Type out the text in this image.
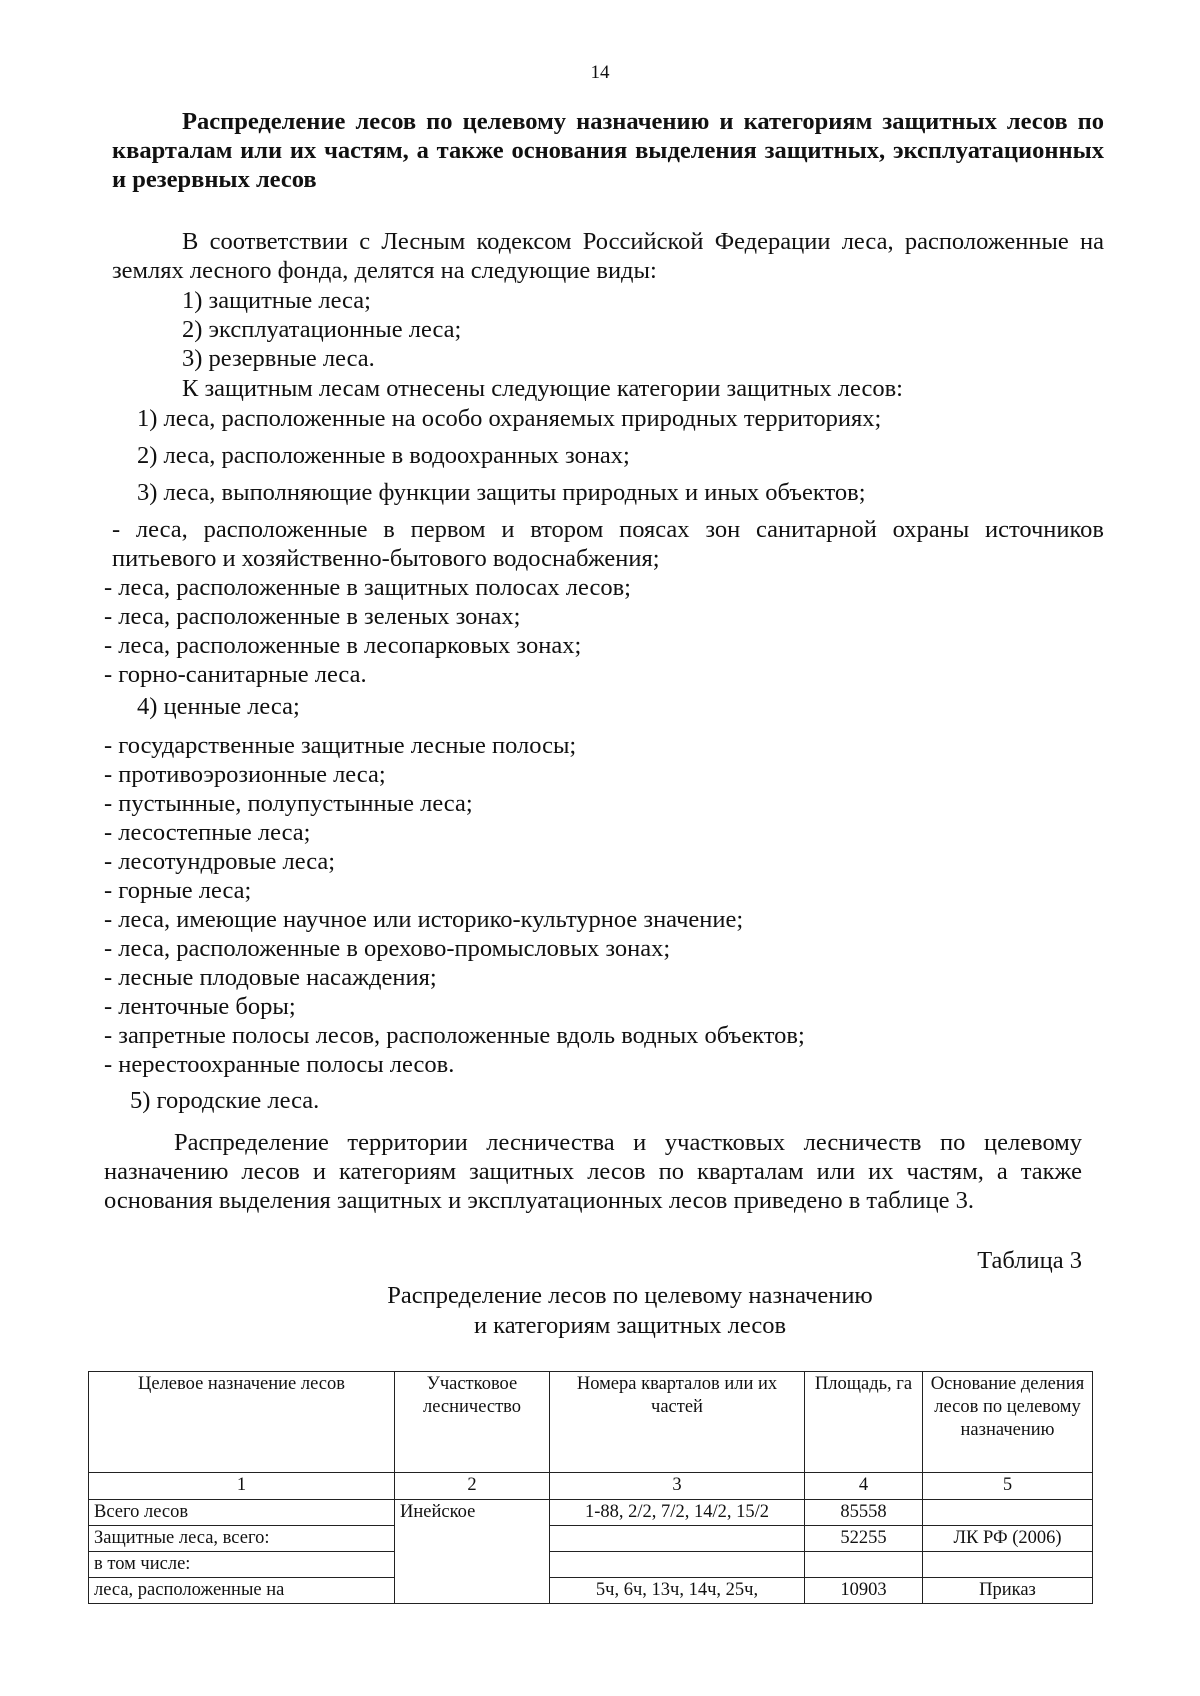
14
Распределение лесов по целевому назначению и категориям защитных лесов по кварталам или их частям, а также основания выделения защитных, эксплуатационных и резервных лесов
В соответствии с Лесным кодексом Российской Федерации леса, расположенные на землях лесного фонда, делятся на следующие виды:
1) защитные леса;
2) эксплуатационные леса;
3) резервные леса.
К защитным лесам отнесены следующие категории защитных лесов:
1) леса, расположенные на особо охраняемых природных территориях;
2) леса, расположенные в водоохранных зонах;
3) леса, выполняющие функции защиты природных и иных объектов;
- леса, расположенные в первом и втором поясах зон санитарной охраны источников питьевого и хозяйственно-бытового водоснабжения;
- леса, расположенные в защитных полосах лесов;
- леса, расположенные в зеленых зонах;
- леса, расположенные в лесопарковых зонах;
- горно-санитарные леса.
4) ценные леса;
- государственные защитные лесные полосы;
- противоэрозионные леса;
- пустынные, полупустынные леса;
- лесостепные леса;
- лесотундровые леса;
- горные леса;
- леса, имеющие научное или историко-культурное значение;
- леса, расположенные в орехово-промысловых зонах;
- лесные плодовые насаждения;
- ленточные боры;
- запретные полосы лесов, расположенные вдоль водных объектов;
- нерестоохранные полосы лесов.
5) городские леса.
Распределение территории лесничества и участковых лесничеств по целевому назначению лесов и категориям защитных лесов по кварталам или их частям, а также основания выделения защитных и эксплуатационных лесов приведено в таблице 3.
Таблица 3
Распределение лесов по целевому назначению
и категориям защитных лесов
Целевое назначение лесов	Участковое лесничество	Номера кварталов или их частей	Площадь, га	Основание деления лесов по целевому назначению
1	2	3	4	5
Всего лесов	Инейское	1-88, 2/2, 7/2, 14/2, 15/2	85558	
Защитные леса, всего:			52255	ЛК РФ (2006)
в том числе:				
леса, расположенные на		5ч, 6ч, 13ч, 14ч, 25ч,	10903	Приказ
